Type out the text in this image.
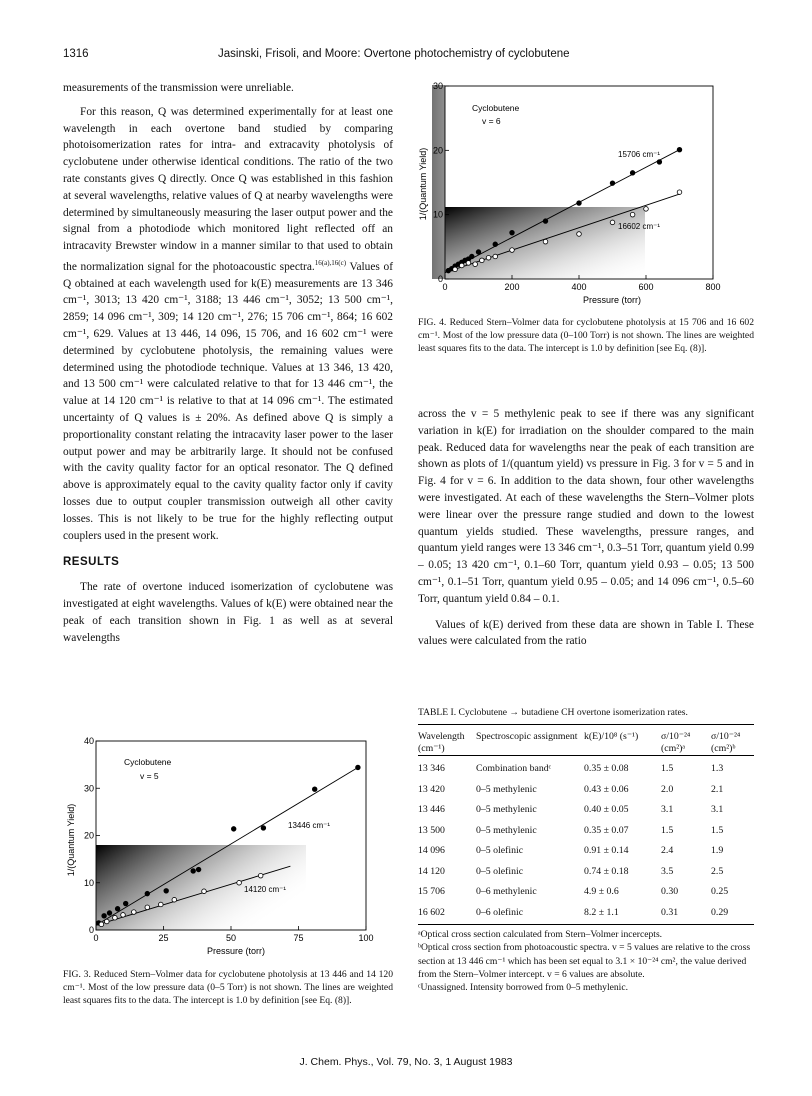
1316	Jasinski, Frisoli, and Moore: Overtone photochemistry of cyclobutene

measurements of the transmission were unreliable.

For this reason, Q was determined experimentally for at least one wavelength in each overtone band studied by comparing photoisomerization rates for intra- and extracavity photolysis of cyclobutene under otherwise identical conditions. The ratio of the two rate constants gives Q directly. Once Q was established in this fashion at several wavelengths, relative values of Q at nearby wavelengths were determined by simultaneously measuring the laser output power and the signal from a photodiode which monitored light reflected off an intracavity Brewster window in a manner similar to that used to obtain the normalization signal for the photoacoustic spectra.$^{16(a),16(c)}$ Values of Q obtained at each wavelength used for k(E) measurements are 13 346 cm⁻¹, 3013; 13 420 cm⁻¹, 3188; 13 446 cm⁻¹, 3052; 13 500 cm⁻¹, 2859; 14 096 cm⁻¹, 309; 14 120 cm⁻¹, 276; 15 706 cm⁻¹, 864; 16 602 cm⁻¹, 629. Values at 13 446, 14 096, 15 706, and 16 602 cm⁻¹ were determined by cyclobutene photolysis, the remaining values were determined using the photodiode technique. Values at 13 346, 13 420, and 13 500 cm⁻¹ were calculated relative to that for 13 446 cm⁻¹, the value at 14 120 cm⁻¹ is relative to that at 14 096 cm⁻¹. The estimated uncertainty of Q values is ± 20%. As defined above Q is simply a proportionality constant relating the intracavity laser power to the laser output power and may be arbitrarily large. It should not be confused with the cavity quality factor for an optical resonator. The Q defined above is approximately equal to the cavity quality factor only if cavity losses due to output coupler transmission outweigh all other cavity losses. This is not likely to be true for the highly reflecting output couplers used in the present work.

RESULTS

The rate of overtone induced isomerization of cyclobutene was investigated at eight wavelengths. Values of k(E) were obtained near the peak of each transition shown in Fig. 1 as well as at several wavelengths

0	200	400	600	800
0
10
20
30
Cyclobutene
v = 6
15706 cm⁻¹
16602 cm⁻¹
1/(Quantum Yield)
Pressure (torr)
FIG. 4. Reduced Stern–Volmer data for cyclobutene photolysis at 15 706 and 16 602 cm⁻¹. Most of the low pressure data (0–100 Torr) is not shown. The lines are weighted least squares fits to the data. The intercept is 1.0 by definition [see Eq. (8)].

across the v = 5 methylenic peak to see if there was any significant variation in k(E) for irradiation on the shoulder compared to the main peak. Reduced data for wavelengths near the peak of each transition are shown as plots of 1/(quantum yield) vs pressure in Fig. 3 for v = 5 and in Fig. 4 for v = 6. In addition to the data shown, four other wavelengths were investigated. At each of these wavelengths the Stern–Volmer plots were linear over the pressure range studied and down to the lowest quantum yields studied. These wavelengths, pressure ranges, and quantum yield ranges were 13 346 cm⁻¹, 0.3–51 Torr, quantum yield 0.99 – 0.05; 13 420 cm⁻¹, 0.1–60 Torr, quantum yield 0.93 – 0.05; 13 500 cm⁻¹, 0.1–51 Torr, quantum yield 0.95 – 0.05; and 14 096 cm⁻¹, 0.5–60 Torr, quantum yield 0.84 – 0.1.

Values of k(E) derived from these data are shown in Table I. These values were calculated from the ratio

0	25	50	75	100
0
10
20
30
40
Cyclobutene
v = 5
13446 cm⁻¹
14120 cm⁻¹
1/(Quantum Yield)
Pressure (torr)
FIG. 3. Reduced Stern–Volmer data for cyclobutene photolysis at 13 446 and 14 120 cm⁻¹. Most of the low pressure data (0–5 Torr) is not shown. The lines are weighted least squares fits to the data. The intercept is 1.0 by definition [see Eq. (8)].
TABLE I. Cyclobutene → butadiene CH overtone isomerization rates.
Wavelength (cm⁻¹)	Spectroscopic assignment	k(E)/10⁸ (s⁻¹)	σ/10⁻²⁴ (cm²)ᵃ	σ/10⁻²⁴ (cm²)ᵇ
13 346	Combination bandᶜ	0.35 ± 0.08	1.5	1.3
13 420	0–5 methylenic	0.43 ± 0.06	2.0	2.1
13 446	0–5 methylenic	0.40 ± 0.05	3.1	3.1
13 500	0–5 methylenic	0.35 ± 0.07	1.5	1.5
14 096	0–5 olefinic	0.91 ± 0.14	2.4	1.9
14 120	0–5 olefinic	0.74 ± 0.18	3.5	2.5
15 706	0–6 methylenic	4.9 ± 0.6	0.30	0.25
16 602	0–6 olefinic	8.2 ± 1.1	0.31	0.29
ᵃOptical cross section calculated from Stern–Volmer incercepts.
ᵇOptical cross section from photoacoustic spectra. v = 5 values are relative to the cross section at 13 446 cm⁻¹ which has been set equal to 3.1 × 10⁻²⁴ cm², the value derived from the Stern–Volmer intercept. v = 6 values are absolute.
ᶜUnassigned. Intensity borrowed from 0–5 methylenic.
J. Chem. Phys., Vol. 79, No. 3, 1 August 1983
